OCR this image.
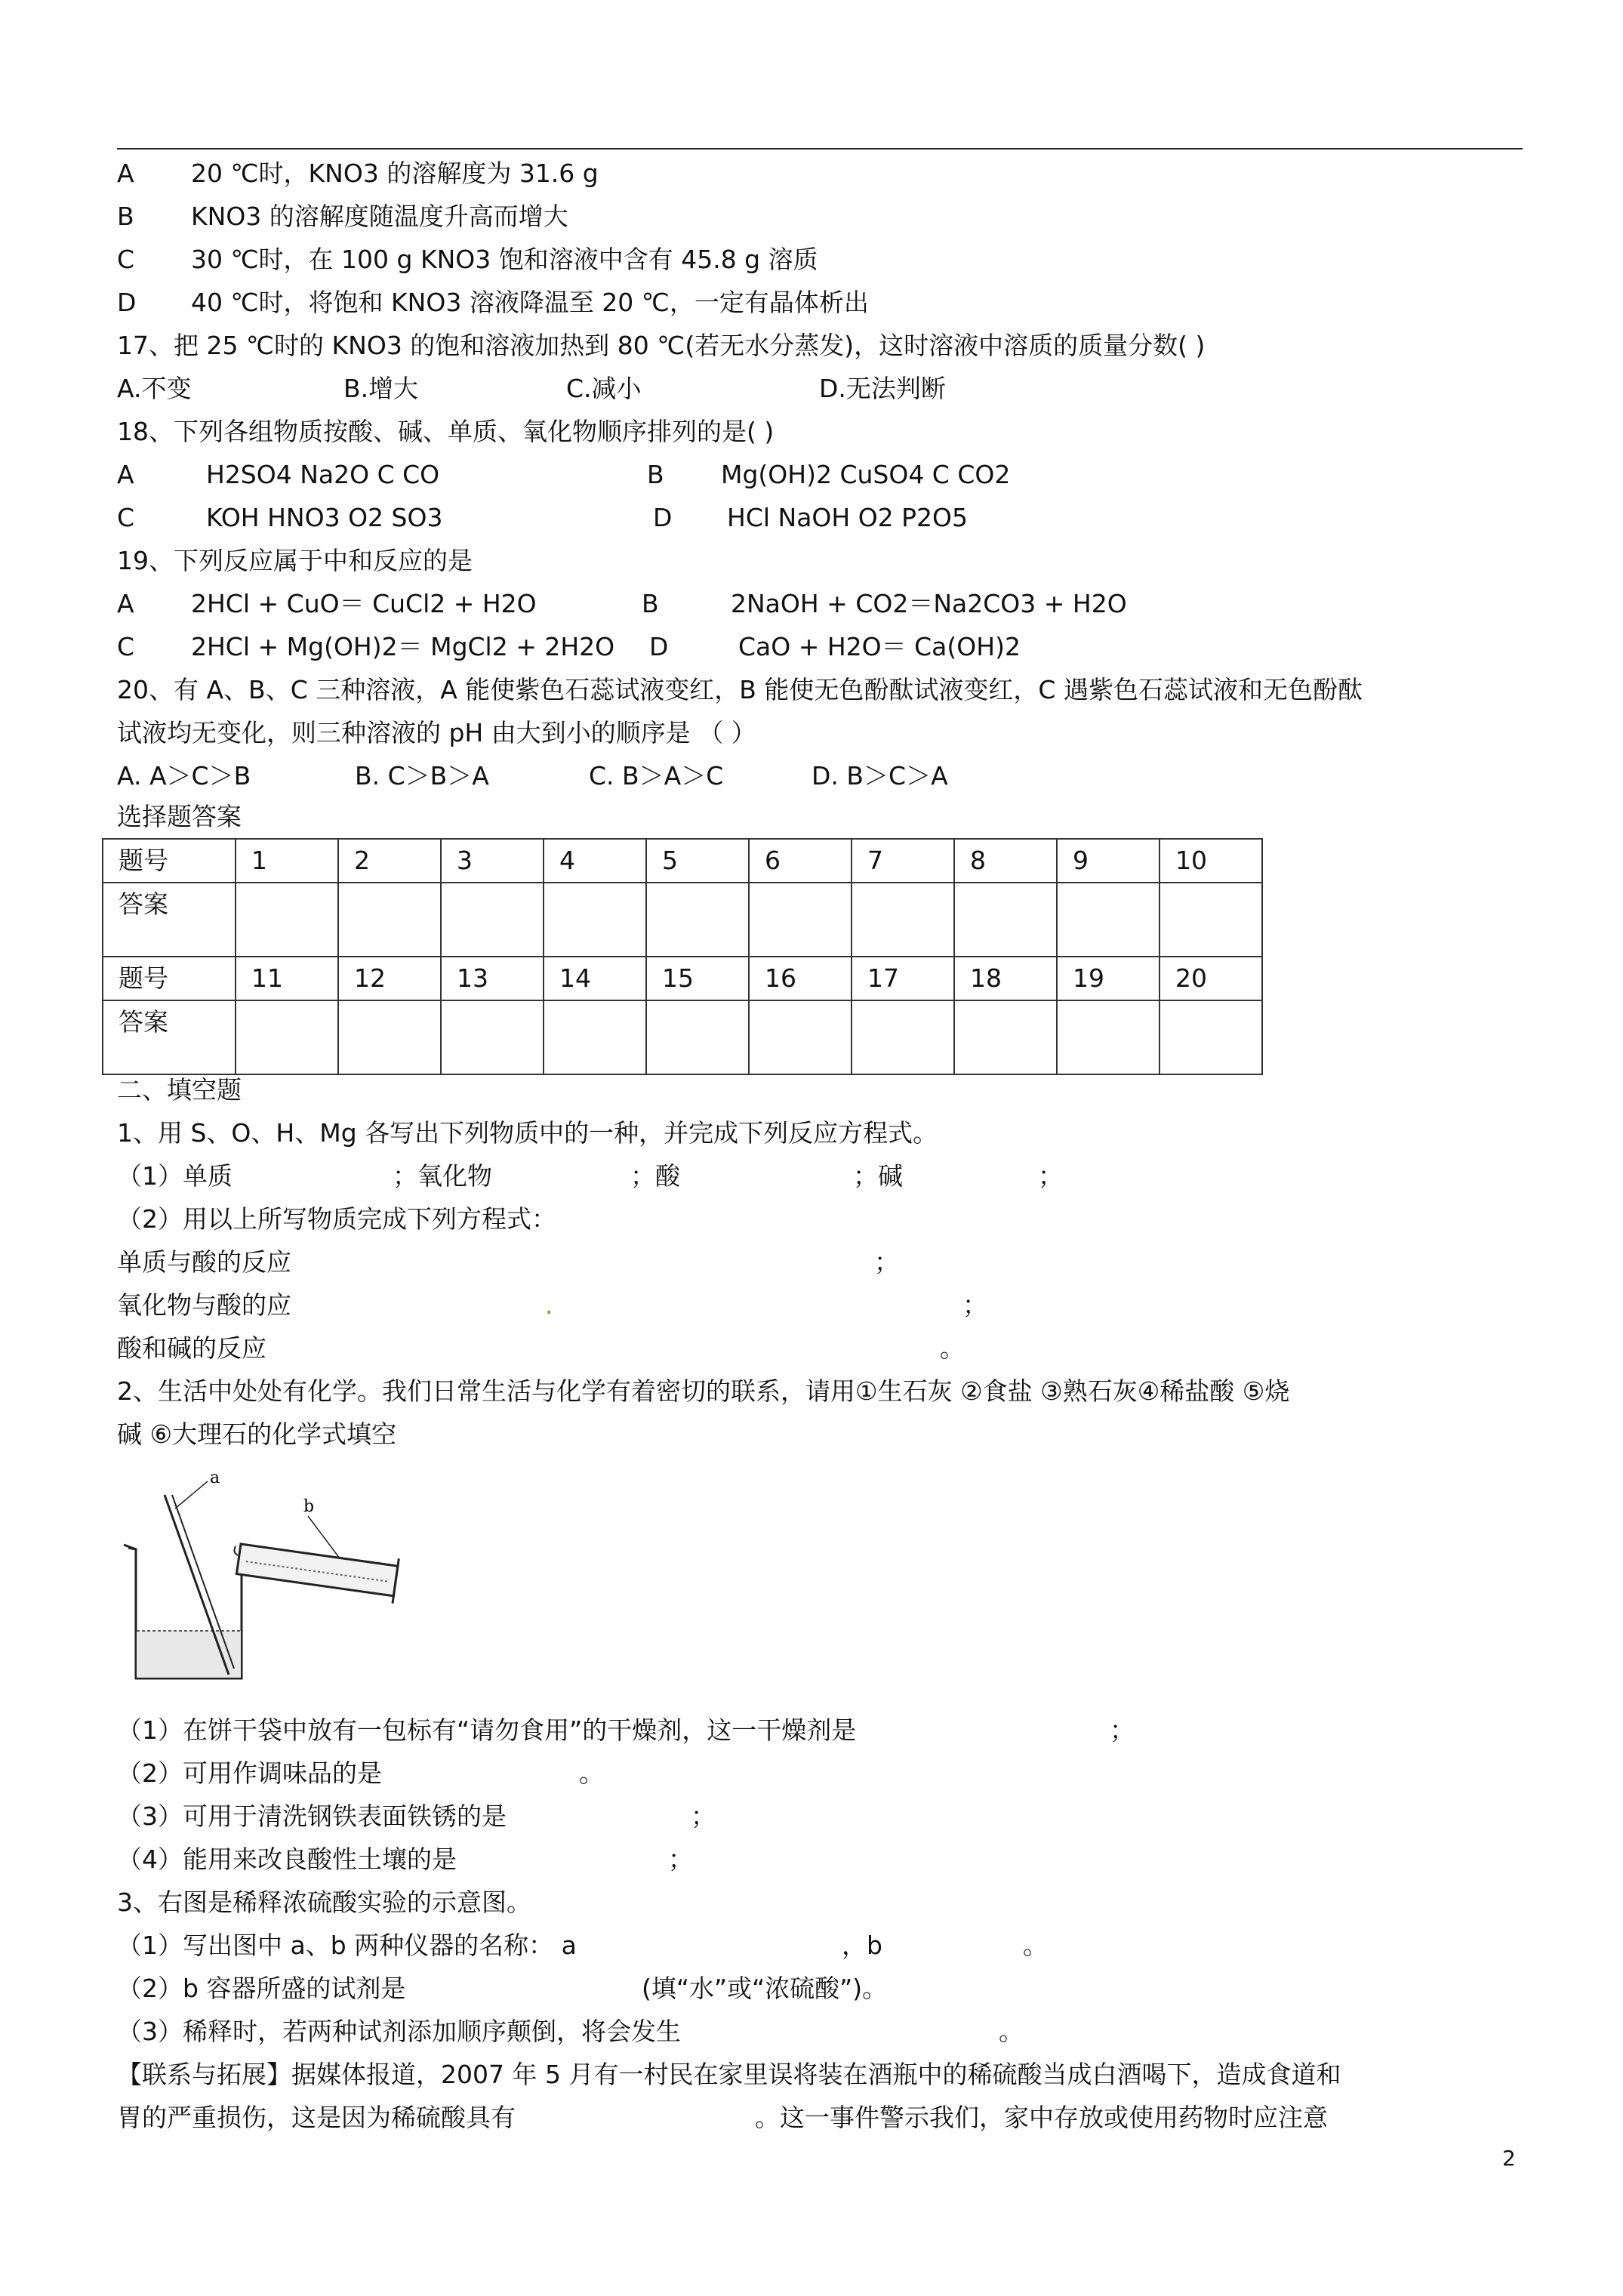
A 20 ℃时，KNO3 的溶解度为 31.6 g
B KNO3 的溶解度随温度升高而增大
C 30 ℃时，在 100 g KNO3 饱和溶液中含有 45.8 g 溶质
D 40 ℃时，将饱和 KNO3 溶液降温至 20 ℃，一定有晶体析出
17、把 25 ℃时的 KNO3 的饱和溶液加热到 80 ℃(若无水分蒸发)，这时溶液中溶质的质量分数( )
A.不变	B.增大	C.减小	D.无法判断
18、下列各组物质按酸、碱、单质、氧化物顺序排列的是( )
A	H2SO4 Na2O C CO	B Mg(OH)2 CuSO4 C CO2
C	KOH HNO3 O2 SO3	D HCl NaOH O2 P2O5
19、下列反应属于中和反应的是
A 2HCl + CuO＝ CuCl2 + H2O	B	2NaOH + CO2＝Na2CO3 + H2O
C 2HCl + Mg(OH)2＝ MgCl2 + 2H2O D	CaO + H2O＝ Ca(OH)2
20、有 A、B、C 三种溶液，A 能使紫色石蕊试液变红，B 能使无色酚酞试液变红，C 遇紫色石蕊试液和无色酚酞
试液均无变化，则三种溶液的 pH 由大到小的顺序是 （ ）
A. A＞C＞B	B. C＞B＞A	C. B＞A＞C	D. B＞C＞A
选择题答案
题号	1	2	3	4	5	6	7	8	9	10
答案										
题号	11	12	13	14	15	16	17	18	19	20
答案										
二、填空题
1、用 S、O、H、Mg 各写出下列物质中的一种，并完成下列反应方程式。
（1）单质	；氧化物	；酸	；碱	；
（2）用以上所写物质完成下列方程式：
单质与酸的反应	；
氧化物与酸的应	.	；
酸和碱的反应	。
2、生活中处处有化学。我们日常生活与化学有着密切的联系，请用①生石灰 ②食盐 ③熟石灰④稀盐酸 ⑤烧
碱 ⑥大理石的化学式填空
a
b
（1）在饼干袋中放有一包标有“请勿食用”的干燥剂，这一干燥剂是	；
（2）可用作调味品的是	。
（3）可用于清洗钢铁表面铁锈的是	；
（4）能用来改良酸性土壤的是	；
3、右图是稀释浓硫酸实验的示意图。
（1）写出图中 a、b 两种仪器的名称： a	，b	。
（2）b 容器所盛的试剂是	(填“水”或“浓硫酸”)。
（3）稀释时，若两种试剂添加顺序颠倒，将会发生	。
【联系与拓展】据媒体报道，2007 年 5 月有一村民在家里误将装在酒瓶中的稀硫酸当成白酒喝下，造成食道和
胃的严重损伤，这是因为稀硫酸具有	。这一事件警示我们，家中存放或使用药物时应注意
2
